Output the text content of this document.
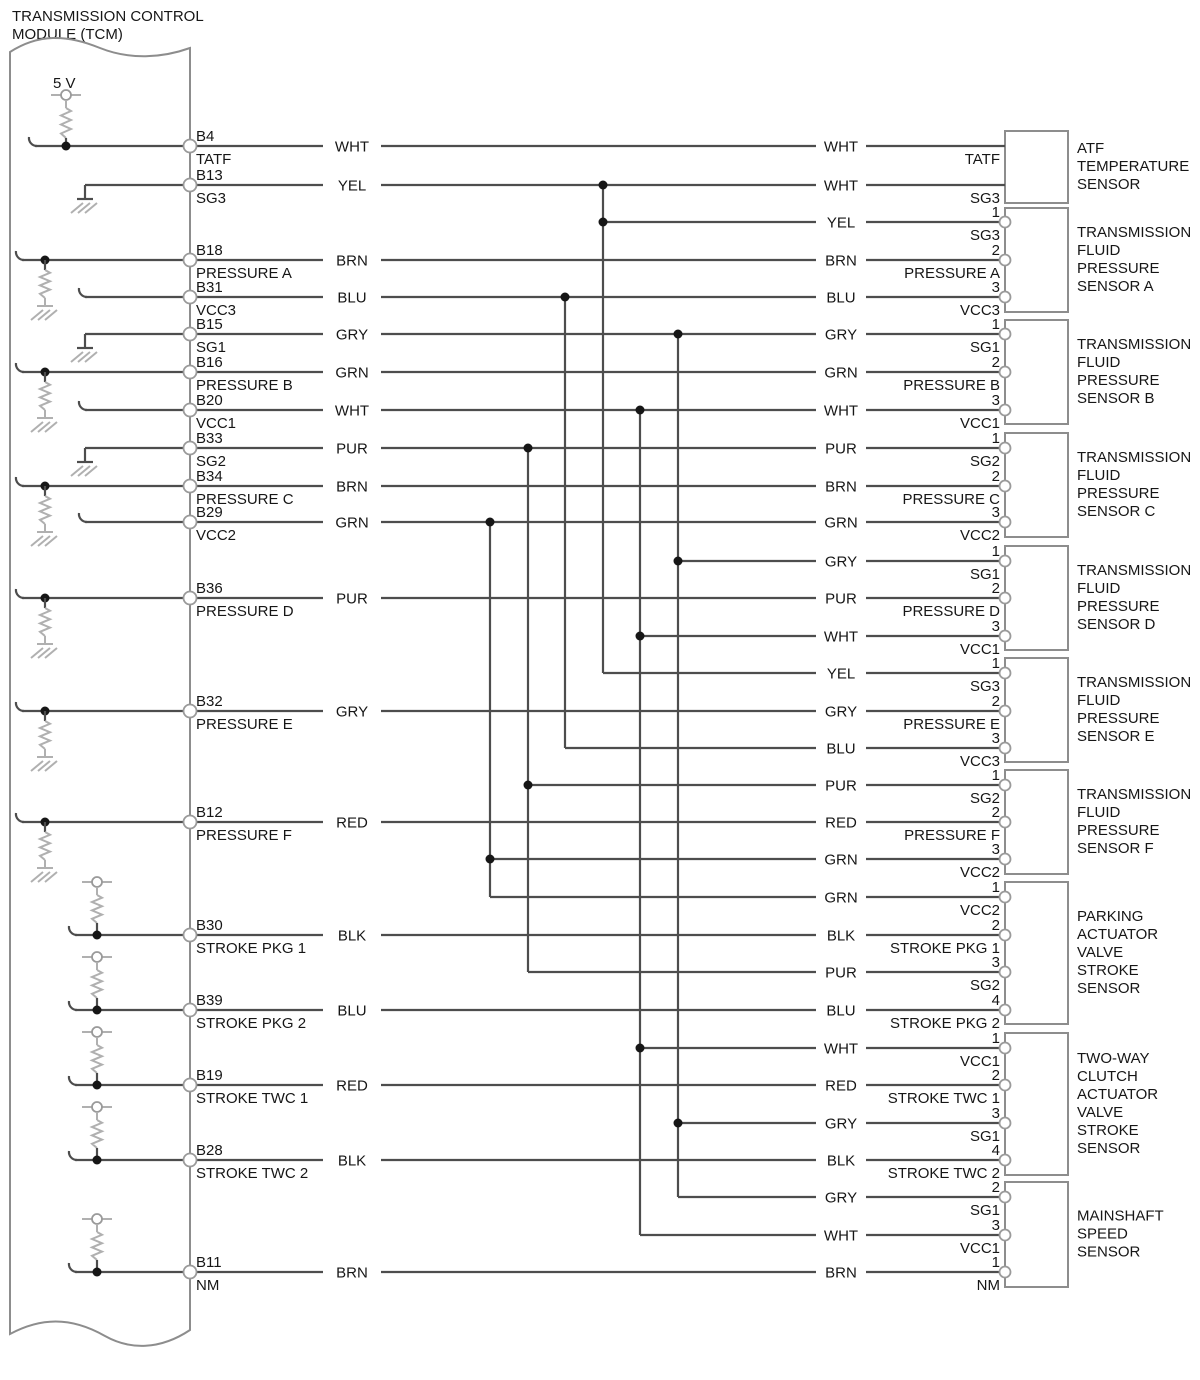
TRANSMISSION CONTROL
MODULE (TCM)
ATF
TEMPERATURE
SENSOR
TRANSMISSION
FLUID
PRESSURE
SENSOR A
TRANSMISSION
FLUID
PRESSURE
SENSOR B
TRANSMISSION
FLUID
PRESSURE
SENSOR C
TRANSMISSION
FLUID
PRESSURE
SENSOR D
TRANSMISSION
FLUID
PRESSURE
SENSOR E
TRANSMISSION
FLUID
PRESSURE
SENSOR F
PARKING
ACTUATOR
VALVE
STROKE
SENSOR
TWO-WAY
CLUTCH
ACTUATOR
VALVE
STROKE
SENSOR
MAINSHAFT
SPEED
SENSOR
WHT
B4
TATF
WHT
TATF
5 V
YEL
B13
SG3
WHT
SG3
YEL
1
SG3
BRN
B18
PRESSURE A
BRN
2
PRESSURE A
BLU
B31
VCC3
BLU
3
VCC3
GRY
B15
SG1
GRY
1
SG1
GRN
B16
PRESSURE B
GRN
2
PRESSURE B
WHT
B20
VCC1
WHT
3
VCC1
PUR
B33
SG2
PUR
1
SG2
BRN
B34
PRESSURE C
BRN
2
PRESSURE C
GRN
B29
VCC2
GRN
3
VCC2
GRY
1
SG1
PUR
B36
PRESSURE D
PUR
2
PRESSURE D
WHT
3
VCC1
YEL
1
SG3
GRY
B32
PRESSURE E
GRY
2
PRESSURE E
BLU
3
VCC3
PUR
1
SG2
RED
B12
PRESSURE F
RED
2
PRESSURE F
GRN
3
VCC2
GRN
1
VCC2
BLK
B30
STROKE PKG 1
BLK
2
STROKE PKG 1
PUR
3
SG2
BLU
B39
STROKE PKG 2
BLU
4
STROKE PKG 2
WHT
1
VCC1
RED
B19
STROKE TWC 1
RED
2
STROKE TWC 1
GRY
3
SG1
BLK
B28
STROKE TWC 2
BLK
4
STROKE TWC 2
GRY
2
SG1
WHT
3
VCC1
BRN
B11
NM
BRN
1
NM
